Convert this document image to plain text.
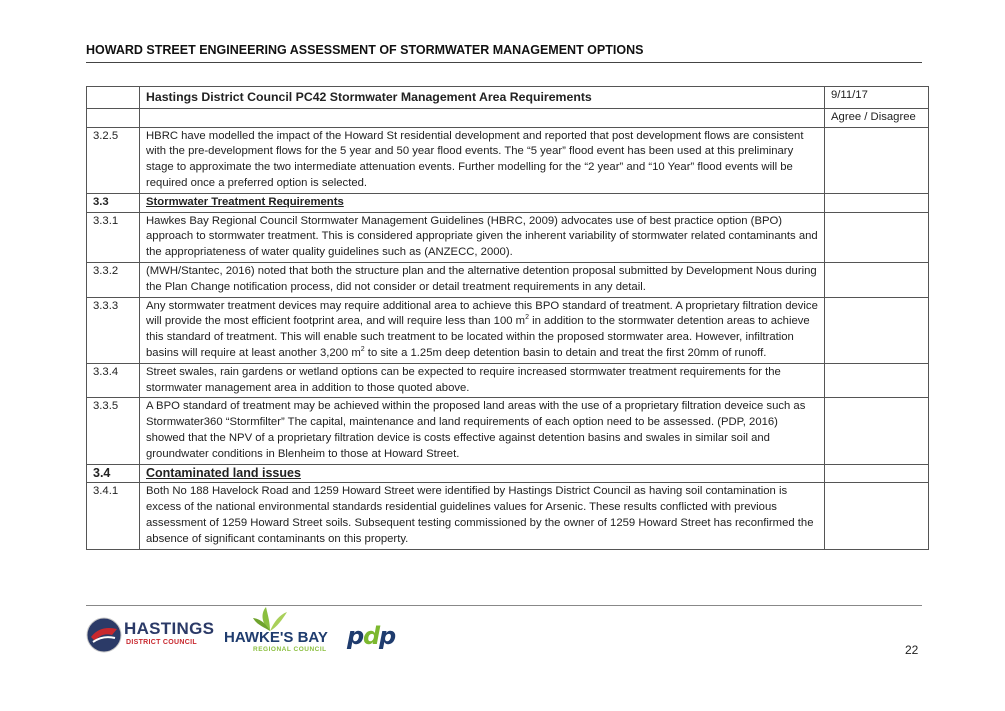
HOWARD STREET ENGINEERING ASSESSMENT OF STORMWATER MANAGEMENT OPTIONS
	Hastings District Council PC42 Stormwater Management Area Requirements	9/11/17
		Agree / Disagree
3.2.5	HBRC have modelled the impact of the Howard St residential development and reported that post development flows are consistent with the pre-development flows for the 5 year and 50 year flood events. The “5 year” flood event has been used at this preliminary stage to approximate the two intermediate attenuation events. Further modelling for the “2 year” and “10 Year” flood events will be required once a preferred option is selected.	
3.3	Stormwater Treatment Requirements	
3.3.1	Hawkes Bay Regional Council Stormwater Management Guidelines (HBRC, 2009) advocates use of best practice option (BPO) approach to stormwater treatment. This is considered appropriate given the inherent variability of stormwater related contaminants and the appropriateness of water quality guidelines such as (ANZECC, 2000).	
3.3.2	(MWH/Stantec, 2016) noted that both the structure plan and the alternative detention proposal submitted by Development Nous during the Plan Change notification process, did not consider or detail treatment requirements in any detail.	
3.3.3	Any stormwater treatment devices may require additional area to achieve this BPO standard of treatment. A proprietary filtration device will provide the most efficient footprint area, and will require less than 100 $m^2$ in addition to the stormwater detention areas to achieve this standard of treatment. This will enable such treatment to be located within the proposed stormwater area. However, infiltration basins will require at least another 3,200 $m^2$ to site a 1.25m deep detention basin to detain and treat the first 20mm of runoff.	
3.3.4	Street swales, rain gardens or wetland options can be expected to require increased stormwater treatment requirements for the stormwater management area in addition to those quoted above.	
3.3.5	A BPO standard of treatment may be achieved within the proposed land areas with the use of a proprietary filtration deveice such as Stormwater360 “Stormfilter” The capital, maintenance and land requirements of each option need to be assessed. (PDP, 2016) showed that the NPV of a proprietary filtration device is costs effective against detention basins and swales in similar soil and groundwater conditions in Blenheim to those at Howard Street.	
3.4	Contaminated land issues	
3.4.1	Both No 188 Havelock Road and 1259 Howard Street were identified by Hastings District Council as having soil contamination is excess of the national environmental standards residential guidelines values for Arsenic. These results conflicted with previous assessment of 1259 Howard Street soils. Subsequent testing commissioned by the owner of 1259 Howard Street has reconfirmed the absence of significant contaminants on this property.	
HASTINGS
DISTRICT COUNCIL HAWKE'S BAY
REGIONAL COUNCIL p
d
p	22
